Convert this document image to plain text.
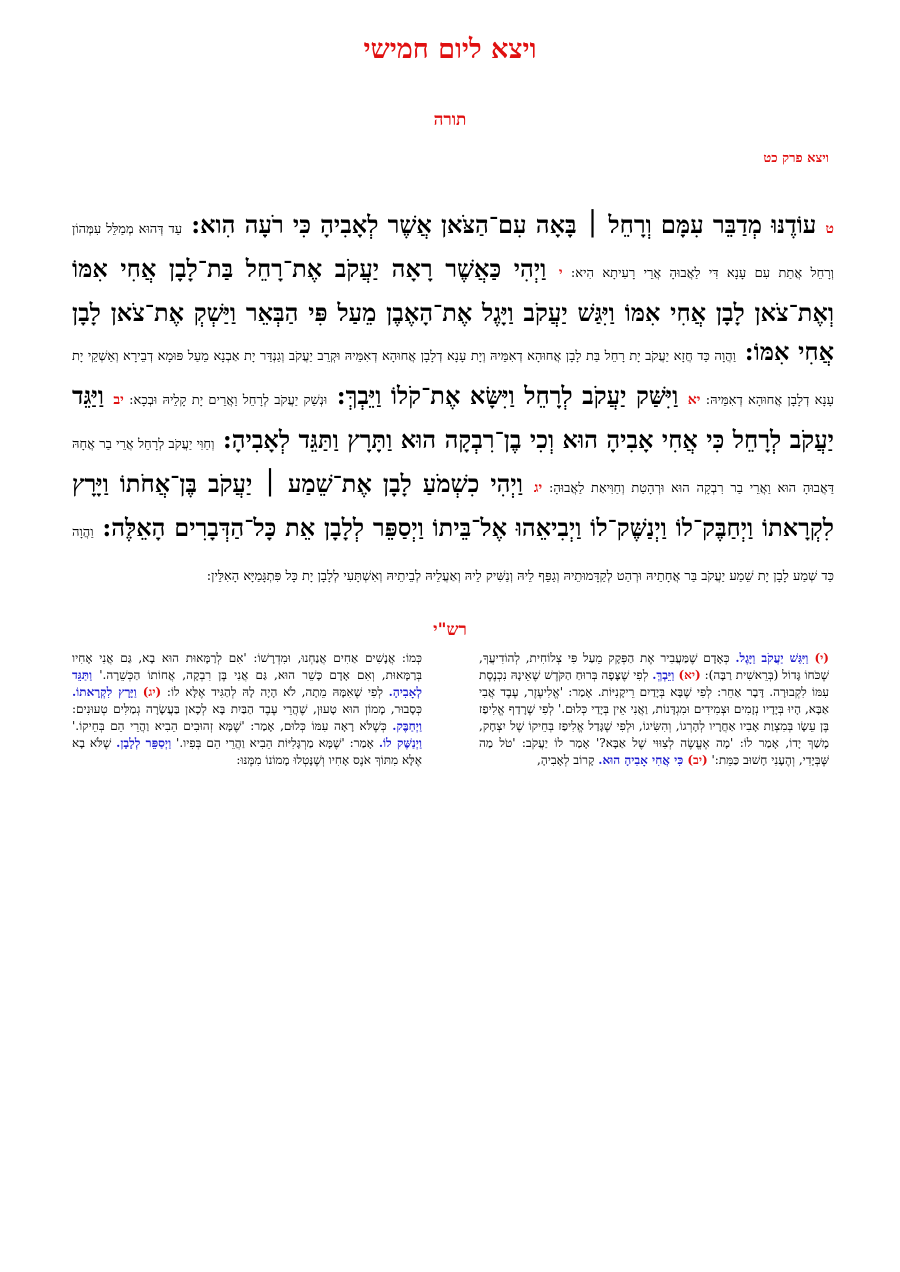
ויצא ליום חמישי
תורה
ויצא פרק כט
ט עוֹדֶנּוּ מְדַבֵּר עִמָּם וְרָחֵל ׀ בָּאָה עִם־הַצֹּאן אֲשֶׁר לְאָבִיהָ כִּי רֹעָה הִוא: עַד דְּהוּא מְמַלֵּל עִמְּהוֹן וְרָחֵל אֲתַת עִם עָנָא דִּי לַאֲבוּהָ אֲרֵי רָעִיתָא הִיא: י וַיְהִי כַּאֲשֶׁר רָאָה יַעֲקֹב אֶת־רָחֵל בַּת־לָבָן אֲחִי אִמּוֹ וְאֶת־צֹאן לָבָן אֲחִי אִמּוֹ וַיִּגַּשׁ יַעֲקֹב וַיָּגֶל אֶת־הָאֶבֶן מֵעַל פִּי הַבְּאֵר וַיַּשְׁקְ אֶת־צֹאן לָבָן אֲחִי אִמּוֹ: וַהֲוָה כַּד חֲזָא יַעֲקֹב יָת רָחֵל בַּת לָבָן אֲחוּהָא דְאִמֵּיהּ וְיָת עָנָא דְלָבָן אֲחוּהָא דְאִמֵּיהּ וּקְרֵב יַעֲקֹב וְגַנְדַּר יָת אַבְנָא מֵעַל פּוּמָא דְבֵירָא וְאַשְׁקֵי יָת עָנָא דְלָבָן אֲחוּהָא דְאִמֵּיהּ: יא וַיִּשַּׁק יַעֲקֹב לְרָחֵל וַיִּשָּׂא אֶת־קֹלוֹ וַיֵּבְךְּ: וּנְשַׁק יַעֲקֹב לְרָחֵל וַאֲרֵים יָת קָלֵיהּ וּבְכָא: יב וַיַּגֵּד יַעֲקֹב לְרָחֵל כִּי אֲחִי אָבִיהָ הוּא וְכִי בֶן־רִבְקָה הוּא וַתָּרָץ וַתַּגֵּד לְאָבִיהָ: וְחַוִּי יַעֲקֹב לְרָחֵל אֲרֵי בַר אֲחָהּ דַּאֲבוּהָ הוּא וַאֲרֵי בַר רִבְקָה הוּא וּרְהָטַת וְחַוִּיאַת לַאֲבוּהָ: יג וַיְהִי כִשְׁמֹעַ לָבָן אֶת־שֵׁמַע ׀ יַעֲקֹב בֶּן־אֲחֹתוֹ וַיָּרָץ לִקְרָאתוֹ וַיְחַבֶּק־לוֹ וַיְנַשֶּׁק־לוֹ וַיְבִיאֵהוּ אֶל־בֵּיתוֹ וַיְסַפֵּר לְלָבָן אֵת כָּל־הַדְּבָרִים הָאֵלֶּה: וַהֲוָה כַּד שְׁמַע לָבָן יָת שֵׁמַע יַעֲקֹב בַּר אֲחָתֵיהּ וּרְהַט לְקַדָּמוּתֵיהּ וְגַפֵּף לֵיהּ וְנַשִּׁיק לֵיהּ וְאַעֲלֵיהּ לְבֵיתֵיהּ וְאִשְׁתָּעִי לְלָבָן יָת כָּל פִּתְגָּמַיָּא הָאִלֵּין:
רש"י
(י) וַיִּגַּשׁ יַעֲקֹב וַיָּגֶל. כְּאָדָם שֶׁמַּעֲבִיר אֶת הַפְּקָק מֵעַל פִּי צְלוֹחִית, לְהוֹדִיעֲךָ, שֶׁכֹּחוֹ גָּדוֹל (בְּרֵאשִׁית רַבָּה): (יא) וַיֵּבְךְּ. לְפִי שֶׁצָּפָה בְּרוּחַ הַקֹּדֶשׁ שֶׁאֵינָהּ נִכְנֶסֶת עִמּוֹ לִקְבוּרָה. דָּבָר אַחֵר: לְפִי שֶׁבָּא בְּיָדַיִם רֵיקָנִיּוֹת. אָמַר: 'אֱלִיעֶזֶר, עֶבֶד אֲבִי אַבָּא, הָיוּ בְּיָדָיו נְזָמִים וּצְמִידִים וּמִגְדָּנוֹת, וַאֲנִי אֵין בְּיָדַי כְּלוּם.' לְפִי שֶׁרָדַף אֱלִיפַז בֶּן עֵשָׂו בְּמִצְוַת אָבִיו אַחֲרָיו לְהָרְגוֹ, וְהִשִּׂיגוֹ, וּלְפִי שֶׁגָּדַל אֱלִיפַז בְּחֵיקוֹ שֶׁל יִצְחָק, מָשַׁךְ יָדוֹ, אָמַר לוֹ: 'מָה אֶעֱשֶׂה לְצִוּוּי שֶׁל אַבָּא?' אָמַר לוֹ יַעֲקֹב: 'טֹל מַה שֶּׁבְּיָדִי, וְהֶעָנִי חָשׁוּב כַּמֵּת:' (יב) כִּי אֲחִי אָבִיהָ הוּא. קָרוֹב לְאָבִיהָ,
כְּמוֹ: אֲנָשִׁים אַחִים אֲנַחְנוּ, וּמִדְרָשׁוֹ: 'אִם לְרַמָּאוּת הוּא בָא, גַּם אֲנִי אָחִיו בְּרַמָּאוּת, וְאִם אָדָם כָּשֵׁר הוּא, גַּם אֲנִי בֶּן רִבְקָה, אֲחוֹתוֹ הַכְּשֵׁרָה.' וַתַּגֵּד לְאָבִיהָ. לְפִי שֶׁאִמָּהּ מֵתָה, לֹא הָיָה לָהּ לְהַגִּיד אֶלָּא לוֹ: (יג) וַיָּרָץ לִקְרָאתוֹ. כְּסָבוּר, מָמוֹן הוּא טָעוּן, שֶׁהֲרֵי עֶבֶד הַבַּיִת בָּא לְכָאן בַּעֲשָׂרָה גְמַלִּים טְעוּנִים: וַיְחַבֶּק. כְּשֶׁלֹּא רָאָה עִמּוֹ כְּלוּם, אָמַר: 'שֶׁמָּא זְהוּבִים הֵבִיא וַהֲרֵי הֵם בְּחֵיקוֹ.' וַיְנַשֶּׁק לוֹ. אָמַר: 'שֶׁמָּא מַרְגָּלִיּוֹת הֵבִיא וַהֲרֵי הֵם בְּפִיו.' וַיְסַפֵּר לְלָבָן. שֶׁלֹּא בָא אֶלָּא מִתּוֹךְ אֹנֶס אָחִיו וְשֶׁנָּטְלוּ מָמוֹנוֹ מִמֶּנּוּ:
